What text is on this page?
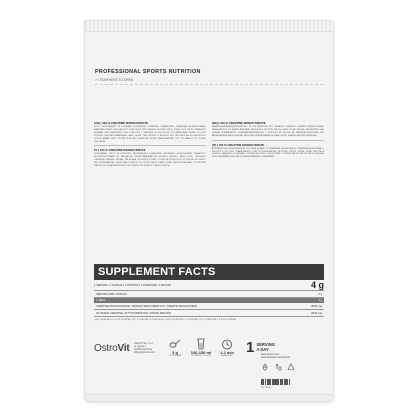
PROFESSIONAL SPORTS NUTRITION
>< TEAR HERE TO OPEN
(UK) | 100 % CREATINE MONOHYDRATE
FOOD SUPPLEMENT IN POWDER CONTAINING CREATINE. INGREDIENT: CREATINE MONOHYDRATE. MANUFACTURED IN A FACILITY THAT ALSO PROCESSES GLUTEN, MILK, EGGS, SOY, NUTS, PEANUTS, SESAME. RECOMMENDED USE: DISSOLVE 1 SERVING IN 100-150 ML OF WATER AND DRINK. DO NOT EXCEED THE RECOMMENDED DAILY DOSE. THE PRODUCT SHOULD NOT BE USED AS A SUBSTITUTE FOR A VARIED DIET. STORE IN A DRY PLACE AT ROOM TEMPERATURE OUT OF REACH OF YOUNG CHILDREN.
PL | 100 % CREATINE MONOHYDRATE
SUPLEMENT DIETY W PROSZKU ZAWIERAJACY KREATYNE. SKLADNIKI: MONOHYDRAT KREATYNY. WYPRODUKOWANO W ZAKLADZIE PRZETWARZAJACYM GLUTEN, MLEKO, JAJA, SOJE, ORZECHY, ORZESZKI ZIEMNE, SEZAM. ZALECANE SPOSOB UZYCIA: 1 PORCJE ROZPUSCIC W 100-150 ML WODY. NIE PRZEKRACZAC ZALECANEJ PORCJI DO SPOZYCIA W CIAGU DNIA. PRZECHOWYWAC W SUCHYM MIEJSCU W TEMPERATURZE POKOJOWEJ. WYSTARCZY NA 83 PORCJE.
(DE) | 100 % CREATINE MONOHYDRATE
NAHRUNGSERGANZUNGSMITTEL IN PULVERFORM MIT KREATIN. ZUTATEN: KREATIN MONOHYDRAT. HERGESTELLT IN EINEM BETRIEB, DER AUCH GLUTEN, MILCH, EIER, SOJA, NUSSE, ERDNUSSE UND SESAM VERARBEITET. VERZEHREMPFEHLUNG: 1 PORTION IN 100-150 ML WASSER AUFLOSEN. DIE ANGEGEBENE EMPFOHLENE TAGLICHE VERZEHRMENGE DARF NICHT UBERSCHRITTEN WERDEN.
(IT) | 100 % CREATINE MONOHYDRATE
INTEGRATORE ALIMENTARE IN POLVERE A BASE DI CREATINA. INGREDIENTI: CREATINA MONOIDRATO. PRODOTTO IN UNO STABILIMENTO CHE UTILIZZA ANCHE GLUTINE, LATTE, UOVA, SOIA, FRUTTA A GUSCIO, ARACHIDI E SESAMO. MODALITA D'USO: SCIOGLIERE 1 PORZIONE IN 100-150 ML DI ACQUA. NON SUPERARE LA DOSE GIORNALIERA RACCOMANDATA.
SUPPLEMENT FACTS
1 SERVING / 1 PORCJA / 1 PORTION / 1 PORZIONE / 1 RACION	4 g
SERVING SIZE / PORCJA	3 g
1 SERV	3 g
CREATINE MONOHYDRATE / MONOHYDRAT KREATYNY / KREATIN MONOHYDRAT	3000 mg
OF WHICH CREATINE / W TYM KREATYNA / DAVON KREATIN	2640 mg
(UK) 1 SERVING = 3 G OF POWDER. (PL) 1 PORCJA = 3 G PROSZKU. (DE) 1 PORTION = 3 G PULVER. (IT) 1 PORZIONE = 3 G DI POLVERE.
OstroVit	OstroVit Sp. z o.o.
ul. Gorna 1
16-080 Zambrow
office@ostrovit.com	3 g
OF POWDER
100-150 ml
OF WATER OR JUICE
1-2 min
SHAKE WELL
1 SERVING
A DAY
www.ostrovit.com
www.facebook.com/ostrovit
IDP 09000
